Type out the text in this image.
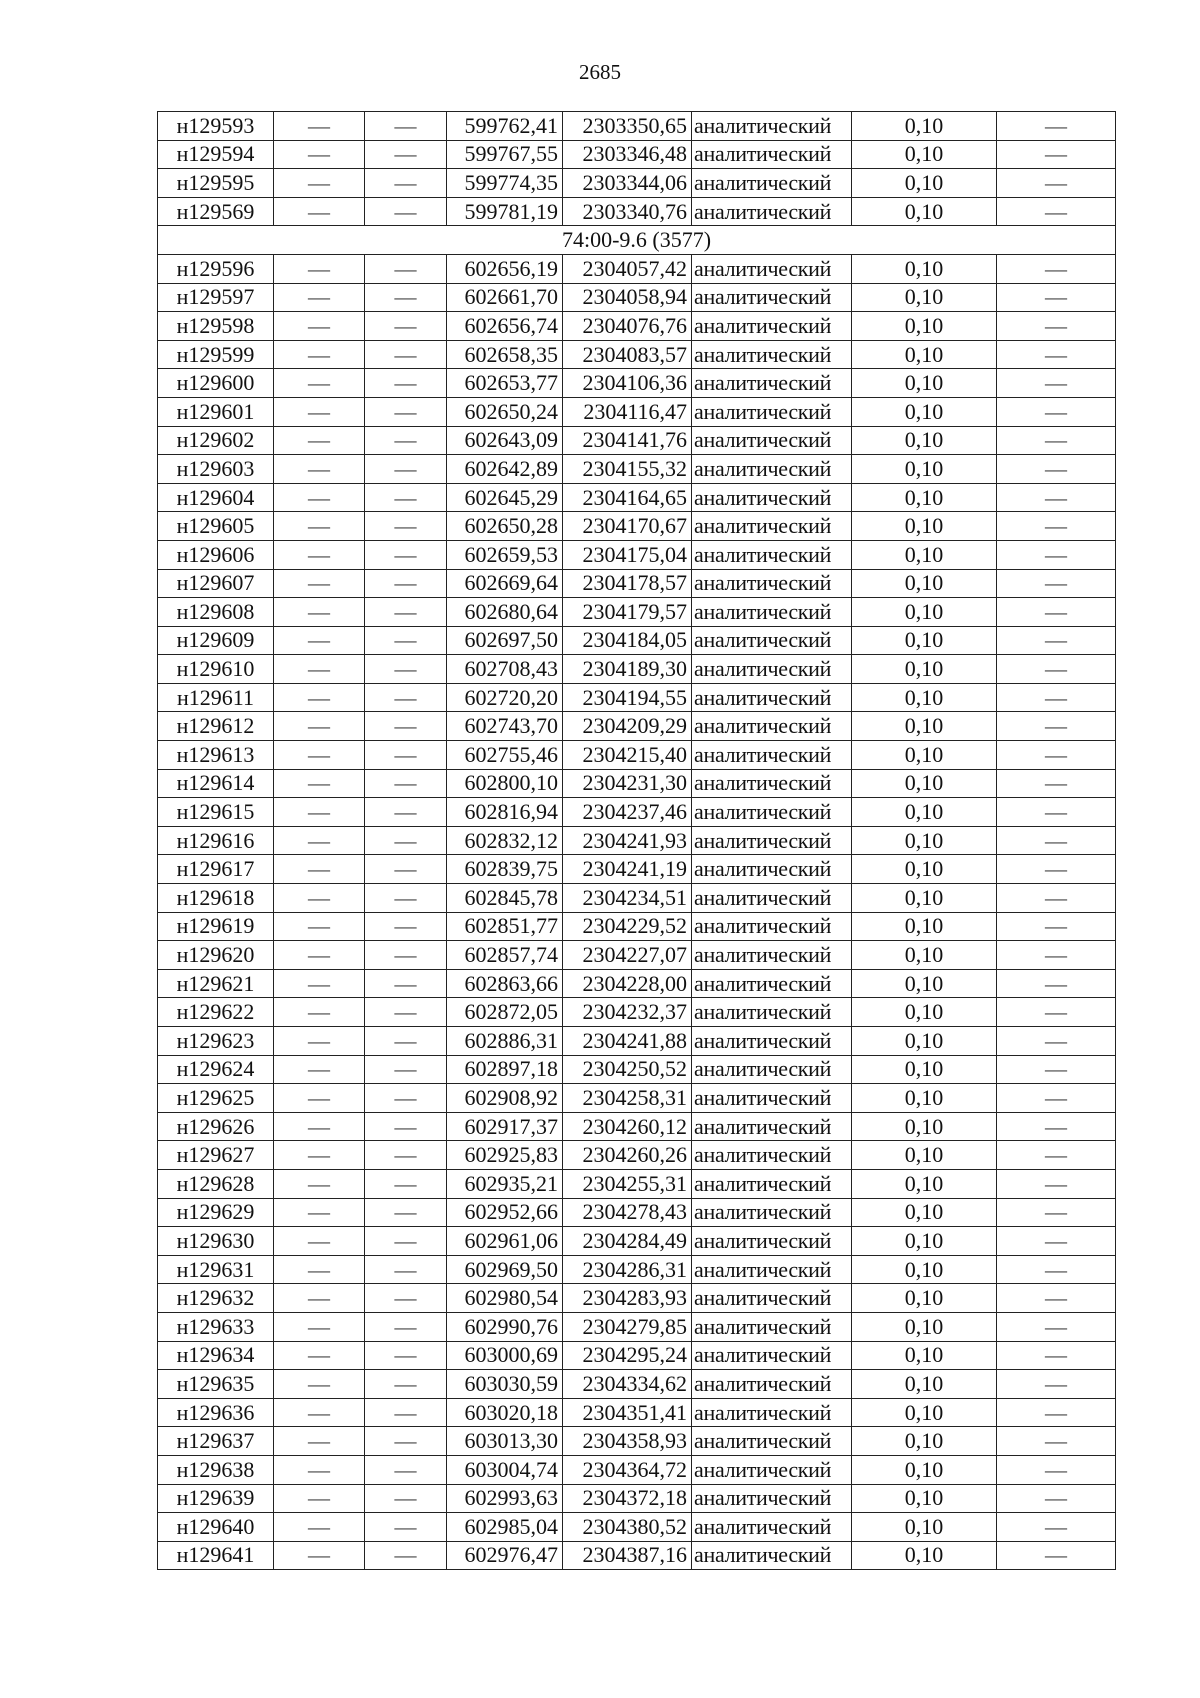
2685
н129593	—	—	599762,41	2303350,65	аналитический	0,10	—
н129594	—	—	599767,55	2303346,48	аналитический	0,10	—
н129595	—	—	599774,35	2303344,06	аналитический	0,10	—
н129569	—	—	599781,19	2303340,76	аналитический	0,10	—
74:00-9.6 (3577)							
н129596	—	—	602656,19	2304057,42	аналитический	0,10	—
н129597	—	—	602661,70	2304058,94	аналитический	0,10	—
н129598	—	—	602656,74	2304076,76	аналитический	0,10	—
н129599	—	—	602658,35	2304083,57	аналитический	0,10	—
н129600	—	—	602653,77	2304106,36	аналитический	0,10	—
н129601	—	—	602650,24	2304116,47	аналитический	0,10	—
н129602	—	—	602643,09	2304141,76	аналитический	0,10	—
н129603	—	—	602642,89	2304155,32	аналитический	0,10	—
н129604	—	—	602645,29	2304164,65	аналитический	0,10	—
н129605	—	—	602650,28	2304170,67	аналитический	0,10	—
н129606	—	—	602659,53	2304175,04	аналитический	0,10	—
н129607	—	—	602669,64	2304178,57	аналитический	0,10	—
н129608	—	—	602680,64	2304179,57	аналитический	0,10	—
н129609	—	—	602697,50	2304184,05	аналитический	0,10	—
н129610	—	—	602708,43	2304189,30	аналитический	0,10	—
н129611	—	—	602720,20	2304194,55	аналитический	0,10	—
н129612	—	—	602743,70	2304209,29	аналитический	0,10	—
н129613	—	—	602755,46	2304215,40	аналитический	0,10	—
н129614	—	—	602800,10	2304231,30	аналитический	0,10	—
н129615	—	—	602816,94	2304237,46	аналитический	0,10	—
н129616	—	—	602832,12	2304241,93	аналитический	0,10	—
н129617	—	—	602839,75	2304241,19	аналитический	0,10	—
н129618	—	—	602845,78	2304234,51	аналитический	0,10	—
н129619	—	—	602851,77	2304229,52	аналитический	0,10	—
н129620	—	—	602857,74	2304227,07	аналитический	0,10	—
н129621	—	—	602863,66	2304228,00	аналитический	0,10	—
н129622	—	—	602872,05	2304232,37	аналитический	0,10	—
н129623	—	—	602886,31	2304241,88	аналитический	0,10	—
н129624	—	—	602897,18	2304250,52	аналитический	0,10	—
н129625	—	—	602908,92	2304258,31	аналитический	0,10	—
н129626	—	—	602917,37	2304260,12	аналитический	0,10	—
н129627	—	—	602925,83	2304260,26	аналитический	0,10	—
н129628	—	—	602935,21	2304255,31	аналитический	0,10	—
н129629	—	—	602952,66	2304278,43	аналитический	0,10	—
н129630	—	—	602961,06	2304284,49	аналитический	0,10	—
н129631	—	—	602969,50	2304286,31	аналитический	0,10	—
н129632	—	—	602980,54	2304283,93	аналитический	0,10	—
н129633	—	—	602990,76	2304279,85	аналитический	0,10	—
н129634	—	—	603000,69	2304295,24	аналитический	0,10	—
н129635	—	—	603030,59	2304334,62	аналитический	0,10	—
н129636	—	—	603020,18	2304351,41	аналитический	0,10	—
н129637	—	—	603013,30	2304358,93	аналитический	0,10	—
н129638	—	—	603004,74	2304364,72	аналитический	0,10	—
н129639	—	—	602993,63	2304372,18	аналитический	0,10	—
н129640	—	—	602985,04	2304380,52	аналитический	0,10	—
н129641	—	—	602976,47	2304387,16	аналитический	0,10	—
